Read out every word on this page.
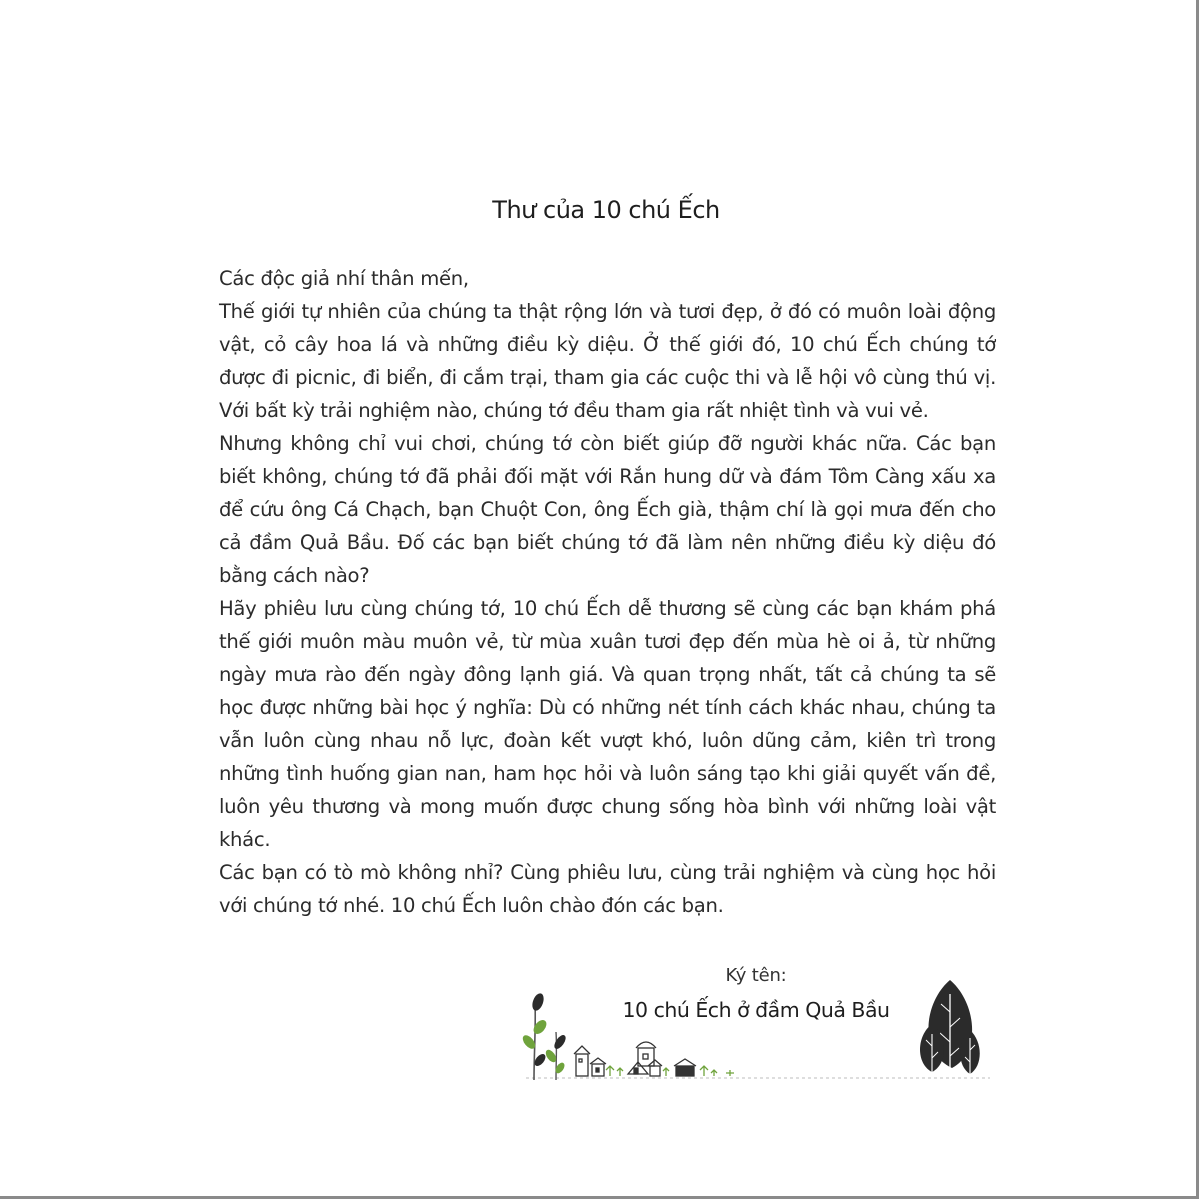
Thư của 10 chú Ếch

Các độc giả nhí thân mến,

Thế giới tự nhiên của chúng ta thật rộng lớn và tươi đẹp, ở đó có muôn loài động vật, cỏ cây hoa lá và những điều kỳ diệu. Ở thế giới đó, 10 chú Ếch chúng tớ được đi picnic, đi biển, đi cắm trại, tham gia các cuộc thi và lễ hội vô cùng thú vị. Với bất kỳ trải nghiệm nào, chúng tớ đều tham gia rất nhiệt tình và vui vẻ.

Nhưng không chỉ vui chơi, chúng tớ còn biết giúp đỡ người khác nữa. Các bạn biết không, chúng tớ đã phải đối mặt với Rắn hung dữ và đám Tôm Càng xấu xa để cứu ông Cá Chạch, bạn Chuột Con, ông Ếch già, thậm chí là gọi mưa đến cho cả đầm Quả Bầu. Đố các bạn biết chúng tớ đã làm nên những điều kỳ diệu đó bằng cách nào?

Hãy phiêu lưu cùng chúng tớ, 10 chú Ếch dễ thương sẽ cùng các bạn khám phá thế giới muôn màu muôn vẻ, từ mùa xuân tươi đẹp đến mùa hè oi ả, từ những ngày mưa rào đến ngày đông lạnh giá. Và quan trọng nhất, tất cả chúng ta sẽ học được những bài học ý nghĩa: Dù có những nét tính cách khác nhau, chúng ta vẫn luôn cùng nhau nỗ lực, đoàn kết vượt khó, luôn dũng cảm, kiên trì trong những tình huống gian nan, ham học hỏi và luôn sáng tạo khi giải quyết vấn đề, luôn yêu thương và mong muốn được chung sống hòa bình với những loài vật khác.

Các bạn có tò mò không nhỉ? Cùng phiêu lưu, cùng trải nghiệm và cùng học hỏi với chúng tớ nhé. 10 chú Ếch luôn chào đón các bạn.

Ký tên:
10 chú Ếch ở đầm Quả Bầu
